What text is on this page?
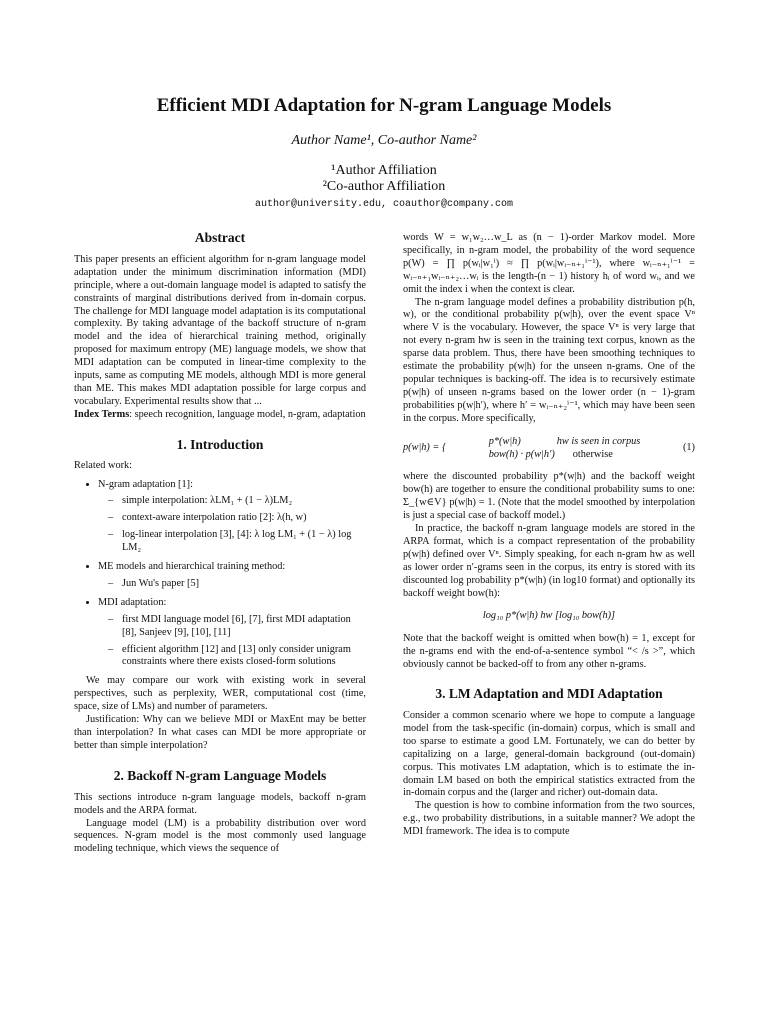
Efficient MDI Adaptation for N-gram Language Models
Author Name¹, Co-author Name²
¹Author Affiliation
²Co-author Affiliation
author@university.edu, coauthor@company.com
Abstract

This paper presents an efficient algorithm for n-gram language model adaptation under the minimum discrimination information (MDI) principle, where a out-domain language model is adapted to satisfy the constraints of marginal distributions derived from in-domain corpus. The challenge for MDI language model adaptation is its computational complexity. By taking advantage of the backoff structure of n-gram model and the idea of hierarchical training method, originally proposed for maximum entropy (ME) language models, we show that MDI adaptation can be computed in linear-time complexity to the inputs, same as computing ME models, although MDI is more general than ME. This makes MDI adaptation possible for large corpus and vocabulary. Experimental results show that ...

Index Terms: speech recognition, language model, n-gram, adaptation

1. Introduction

Related work:

• N-gram adaptation [1]:
– simple interpolation: λLM₁ + (1 − λ)LM₂
– context-aware interpolation ratio [2]: λ(h, w)
– log-linear interpolation [3], [4]: λ log LM₁ + (1 − λ) log LM₂
• ME models and hierarchical training method:
– Jun Wu's paper [5]
• MDI adaptation:
– first MDI language model [6], [7], first MDI adaptation [8], Sanjeev [9], [10], [11]
– efficient algorithm [12] and [13] only consider unigram constraints where there exists closed-form solutions

We may compare our work with existing work in several perspectives, such as perplexity, WER, computational cost (time, space, size of LMs) and number of parameters.

Justification: Why can we believe MDI or MaxEnt may be better than interpolation? In what cases can MDI be more appropriate or better than simple interpolation?

2. Backoff N-gram Language Models

This sections introduce n-gram language models, backoff n-gram models and the ARPA format.

Language model (LM) is a probability distribution over word sequences. N-gram model is the most commonly used language modeling technique, which views the sequence of

words W = w₁w₂…w_L as (n − 1)-order Markov model. More specifically, in n-gram model, the probability of the word sequence p(W) = ∏ p(wᵢ|w₁ⁱ) ≈ ∏ p(wᵢ|wᵢ₋ₙ₊₁ⁱ⁻¹), where wᵢ₋ₙ₊₁ⁱ⁻¹ = wᵢ₋ₙ₊₁wᵢ₋ₙ₊₂…wᵢ is the length-(n − 1) history hᵢ of word wᵢ, and we omit the index i when the context is clear.

The n-gram language model defines a probability distribution p(h, w), or the conditional probability p(w|h), over the event space Vⁿ where V is the vocabulary. However, the space Vⁿ is very large that not every n-gram hw is seen in the training text corpus, known as the sparse data problem. Thus, there have been smoothing techniques to estimate the probability p(w|h) for the unseen n-grams. One of the popular techniques is backing-off. The idea is to recursively estimate p(w|h) of unseen n-grams based on the lower order (n − 1)-gram probabilities p(w|h′), where h′ = wᵢ₋ₙ₊₂ⁱ⁻¹, which may have been seen in the corpus. More specifically,

p(w|h) = {
p*(w|h)	hw is seen in corpus
bow(h) · p(w|h′) otherwise
(1)

where the discounted probability p*(w|h) and the backoff weight bow(h) are together to ensure the conditional probability sums to one: Σ_{w∈V} p(w|h) = 1. (Note that the model smoothed by interpolation is just a special case of backoff model.)

In practice, the backoff n-gram language models are stored in the ARPA format, which is a compact representation of the probability p(w|h) defined over Vⁿ. Simply speaking, for each n-gram hw as well as lower order n′-grams seen in the corpus, its entry is stored with its discounted log probability p*(w|h) (in log10 format) and optionally its backoff weight bow(h):

log₁₀ p*(w|h) hw [log₁₀ bow(h)]

Note that the backoff weight is omitted when bow(h) = 1, except for the n-grams end with the end-of-a-sentence symbol “< /s >”, which obviously cannot be backed-off to from any other n-grams.

3. LM Adaptation and MDI Adaptation

Consider a common scenario where we hope to compute a language model from the task-specific (in-domain) corpus, which is small and too sparse to estimate a good LM. Fortunately, we can do better by capitalizing on a large, general-domain background (out-domain) corpus. This motivates LM adaptation, which is to estimate the in-domain LM based on both the empirical statistics extracted from the in-domain corpus and the (larger and richer) out-domain data.

The question is how to combine information from the two sources, e.g., two probability distributions, in a suitable manner? We adopt the MDI framework. The idea is to compute
